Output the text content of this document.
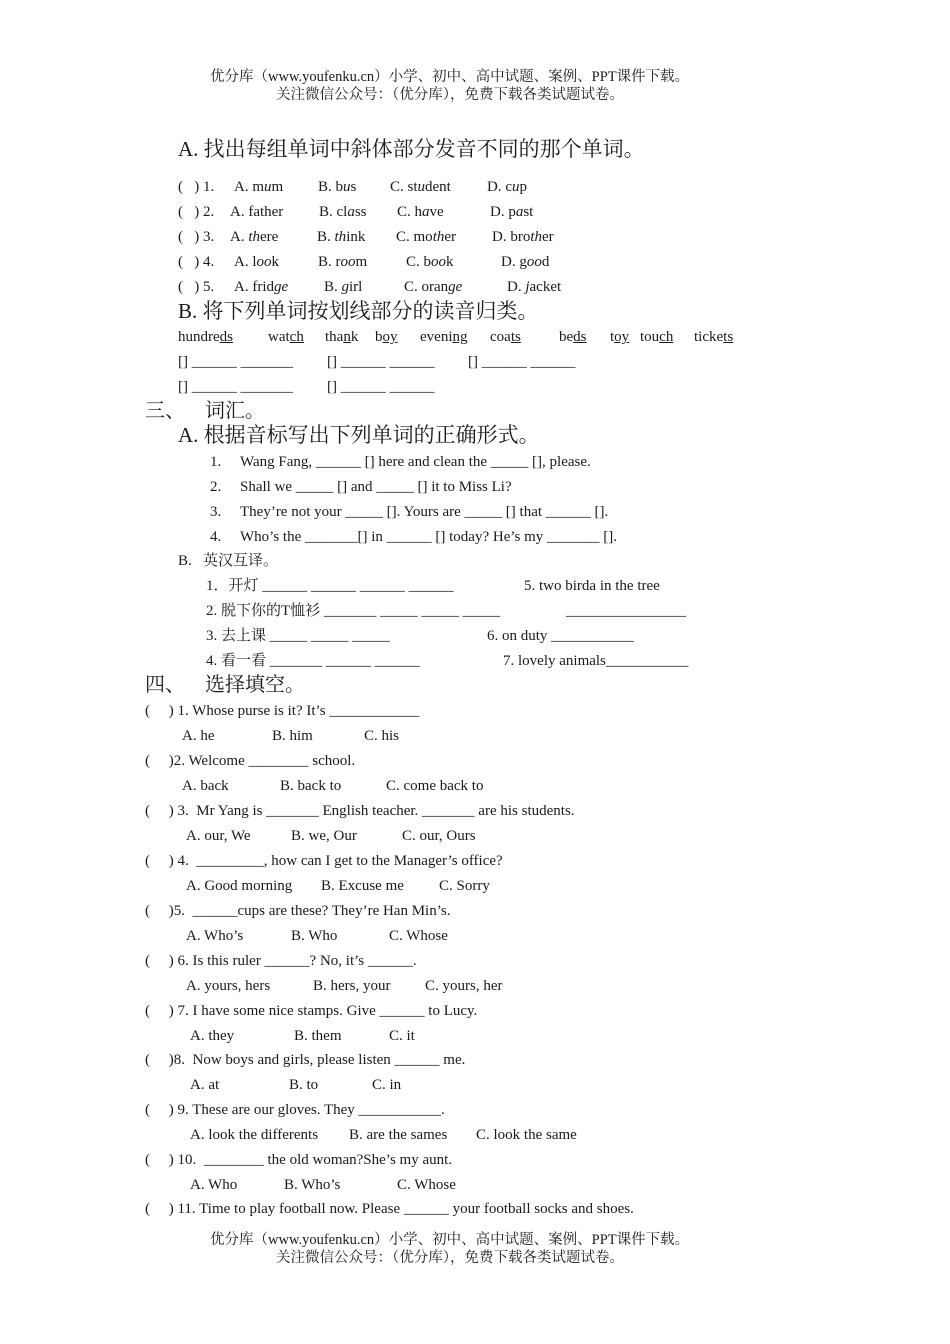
优分库（www.youfenku.cn）小学、初中、高中试题、案例、PPT课件下载。
关注微信公众号：（优分库），免费下载各类试题试卷。
A. 找出每组单词中斜体部分发音不同的那个单词。
(   ) 1. A. mum B. bus C. student D. cup
(   ) 2. A. father B. class C. have	D. past
(   ) 3. A. there	B. think C. mother D. brother
(   ) 4. A. look	B. room	C. book	D. good
(   ) 5. A. fridge B. girl	C. orange	D. jacket
B. 将下列单词按划线部分的读音归类。
hundreds watch thank boy evening coats	beds toy touch tickets
[] ______ _______ [] ______ ______ [] ______ ______
[] ______ _______ [] ______ ______
三、    词汇。
A. 根据音标写出下列单词的正确形式。
1. Wang Fang, ______ [] here and clean the _____ [], please.
2. Shall we _____ [] and _____ [] it to Miss Li?
3. They’re not your _____ []. Yours are _____ [] that ______ [].
4. Who’s the _______[] in ______ [] today? He’s my _______ [].
B.   英汉互译。
1．开灯 ______ ______ ______ ______	5. two birda in the tree
2. 脱下你的T恤衫 _______ _____ _____ _____	________________
3. 去上课 _____ _____ _____	6. on duty ___________
4. 看一看 _______ ______ ______	7. lovely animals___________
四、    选择填空。
(     ) 1. Whose purse is it? It’s ____________
A. he	B. him	C. his
(     )2. Welcome ________ school.
A. back	B. back to	C. come back to
(     ) 3.  Mr Yang is _______ English teacher. _______ are his students.
A. our, We	B. we, Our	C. our, Ours
(     ) 4.  _________, how can I get to the Manager’s office?
A. Good morning B. Excuse me C. Sorry
(     )5.  ______cups are these? They’re Han Min’s.
A. Who’s	B. Who	C. Whose
(     ) 6. Is this ruler ______? No, it’s ______.
A. yours, hers	B. hers, your C. yours, her
(     ) 7. I have some nice stamps. Give ______ to Lucy.
A. they	B. them	C. it
(     )8.  Now boys and girls, please listen ______ me.
A. at	B. to	C. in
(     ) 9. These are our gloves. They ___________.
A. look the differents B. are the sames C. look the same
(     ) 10.  ________ the old woman?She’s my aunt.
A. Who	B. Who’s	C. Whose
(     ) 11. Time to play football now. Please ______ your football socks and shoes.
优分库（www.youfenku.cn）小学、初中、高中试题、案例、PPT课件下载。
关注微信公众号：（优分库），免费下载各类试题试卷。
